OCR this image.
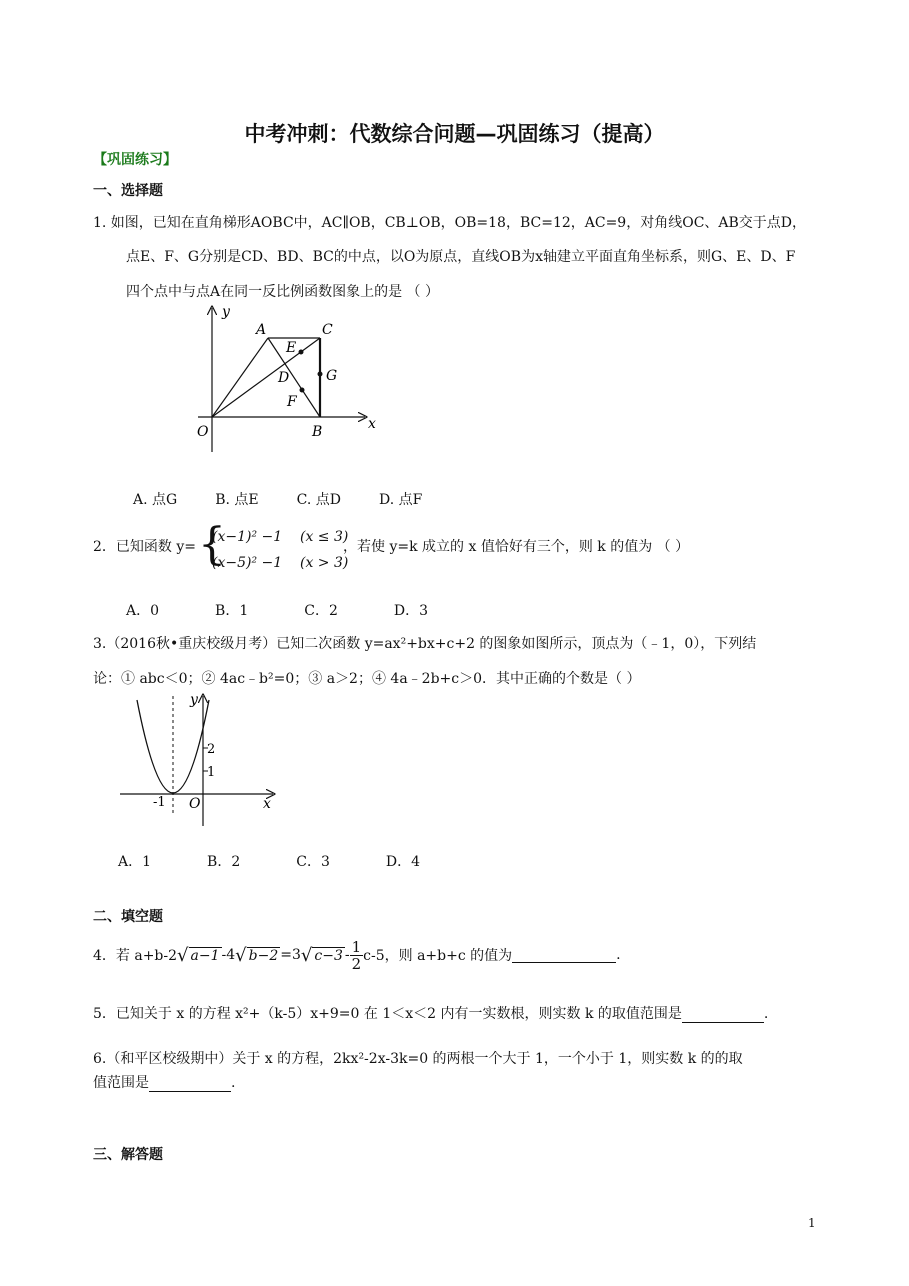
中考冲刺：代数综合问题—巩固练习（提高）
【巩固练习】
一、选择题
1. 如图，已知在直角梯形AOBC中，AC∥OB，CB⊥OB，OB=18，BC=12，AC=9，对角线OC、AB交于点D，
点E、F、G分别是CD、BD、BC的中点，以O为原点，直线OB为x轴建立平面直角坐标系，则G、E、D、F
四个点中与点A在同一反比例函数图象上的是 （ ）
y
x
O
A	C
E
D	G
F
B
A. 点G	B. 点E	C. 点D	D. 点F
2．已知函数 y= {
(x−1)² −1 (x ≤ 3)
(x−5)² −1 (x > 3)
，若使 y=k 成立的 x 值恰好有三个，则 k 的值为 （ ）
A．0	B．1	C．2	D．3
3.（2016秋•重庆校级月考）已知二次函数 y=ax²+bx+c+2 的图象如图所示，顶点为（﹣1，0），下列结
论：① abc＜0；② 4ac﹣b²=0；③ a＞2；④ 4a﹣2b+c＞0．其中正确的个数是（ ）
y
x
O
-1
2
1
A．1	B．2	C．3	D．4
二、填空题
4．若 a+b-2 √ a−1 -4 √ b−2 =3 √ $c-3 - \frac{1}{2} c-5$，则 a+b+c 的值为	.
5．已知关于 x 的方程 x²+（k-5）x+9=0 在 1＜x＜2 内有一实数根，则实数 k 的取值范围是	.
6.（和平区校级期中）关于 x 的方程，2kx²-2x-3k=0 的两根一个大于 1，一个小于 1，则实数 k 的的取
值范围是	.
三、解答题
1
